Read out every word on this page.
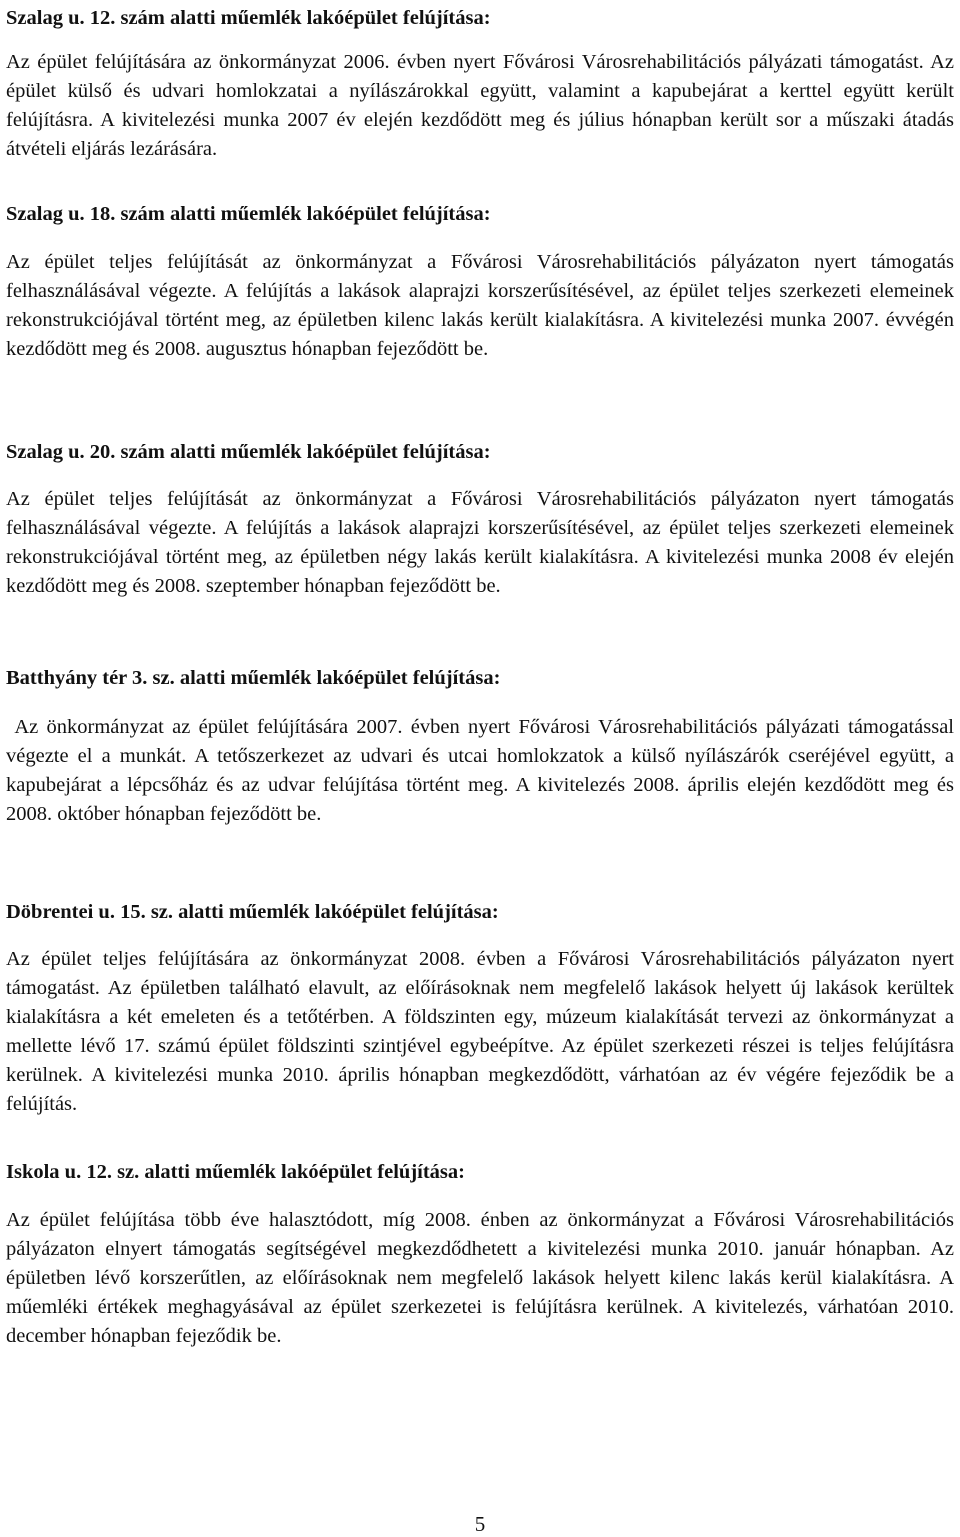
Szalag u. 12. szám alatti műemlék lakóépület felújítása:

Az épület felújítására az önkormányzat 2006. évben nyert Fővárosi Városrehabilitációs pályázati támogatást. Az épület külső és udvari homlokzatai a nyílászárokkal együtt, valamint a kapubejárat a kerttel együtt került felújításra. A kivitelezési munka 2007 év elején kezdődött meg és július hónapban került sor a műszaki átadás átvételi eljárás lezárására.

Szalag u. 18. szám alatti műemlék lakóépület felújítása:

Az épület teljes felújítását az önkormányzat a Fővárosi Városrehabilitációs pályázaton nyert támogatás felhasználásával végezte. A felújítás a lakások alaprajzi korszerűsítésével, az épület teljes szerkezeti elemeinek rekonstrukciójával történt meg, az épületben kilenc lakás került kialakításra. A kivitelezési munka 2007. évvégén kezdődött meg és 2008. augusztus hónapban fejeződött be.

Szalag u. 20. szám alatti műemlék lakóépület felújítása:

Az épület teljes felújítását az önkormányzat a Fővárosi Városrehabilitációs pályázaton nyert támogatás felhasználásával végezte. A felújítás a lakások alaprajzi korszerűsítésével, az épület teljes szerkezeti elemeinek rekonstrukciójával történt meg, az épületben négy lakás került kialakításra. A kivitelezési munka 2008 év elején kezdődött meg és 2008. szeptember hónapban fejeződött be.

Batthyány tér 3. sz. alatti műemlék lakóépület felújítása:

Az önkormányzat az épület felújítására 2007. évben nyert Fővárosi Városrehabilitációs pályázati támogatással végezte el a munkát. A tetőszerkezet az udvari és utcai homlokzatok a külső nyílászárók cseréjével együtt, a kapubejárat a lépcsőház és az udvar felújítása történt meg. A kivitelezés 2008. április elején kezdődött meg és 2008. október hónapban fejeződött be.

Döbrentei u. 15. sz. alatti műemlék lakóépület felújítása:

Az épület teljes felújítására az önkormányzat 2008. évben a Fővárosi Városrehabilitációs pályázaton nyert támogatást. Az épületben található elavult, az előírásoknak nem megfelelő lakások helyett új lakások kerültek kialakításra a két emeleten és a tetőtérben. A földszinten egy, múzeum kialakítását tervezi az önkormányzat a mellette lévő 17. számú épület földszinti szintjével egybeépítve. Az épület szerkezeti részei is teljes felújításra kerülnek. A kivitelezési munka 2010. április hónapban megkezdődött, várhatóan az év végére fejeződik be a felújítás.

Iskola u. 12. sz. alatti műemlék lakóépület felújítása:

Az épület felújítása több éve halasztódott, míg 2008. énben az önkormányzat a Fővárosi Városrehabilitációs pályázaton elnyert támogatás segítségével megkezdődhetett a kivitelezési munka 2010. január hónapban. Az épületben lévő korszerűtlen, az előírásoknak nem megfelelő lakások helyett kilenc lakás kerül kialakításra. A műemléki értékek meghagyásával az épület szerkezetei is felújításra kerülnek. A kivitelezés, várhatóan 2010. december hónapban fejeződik be.

5
